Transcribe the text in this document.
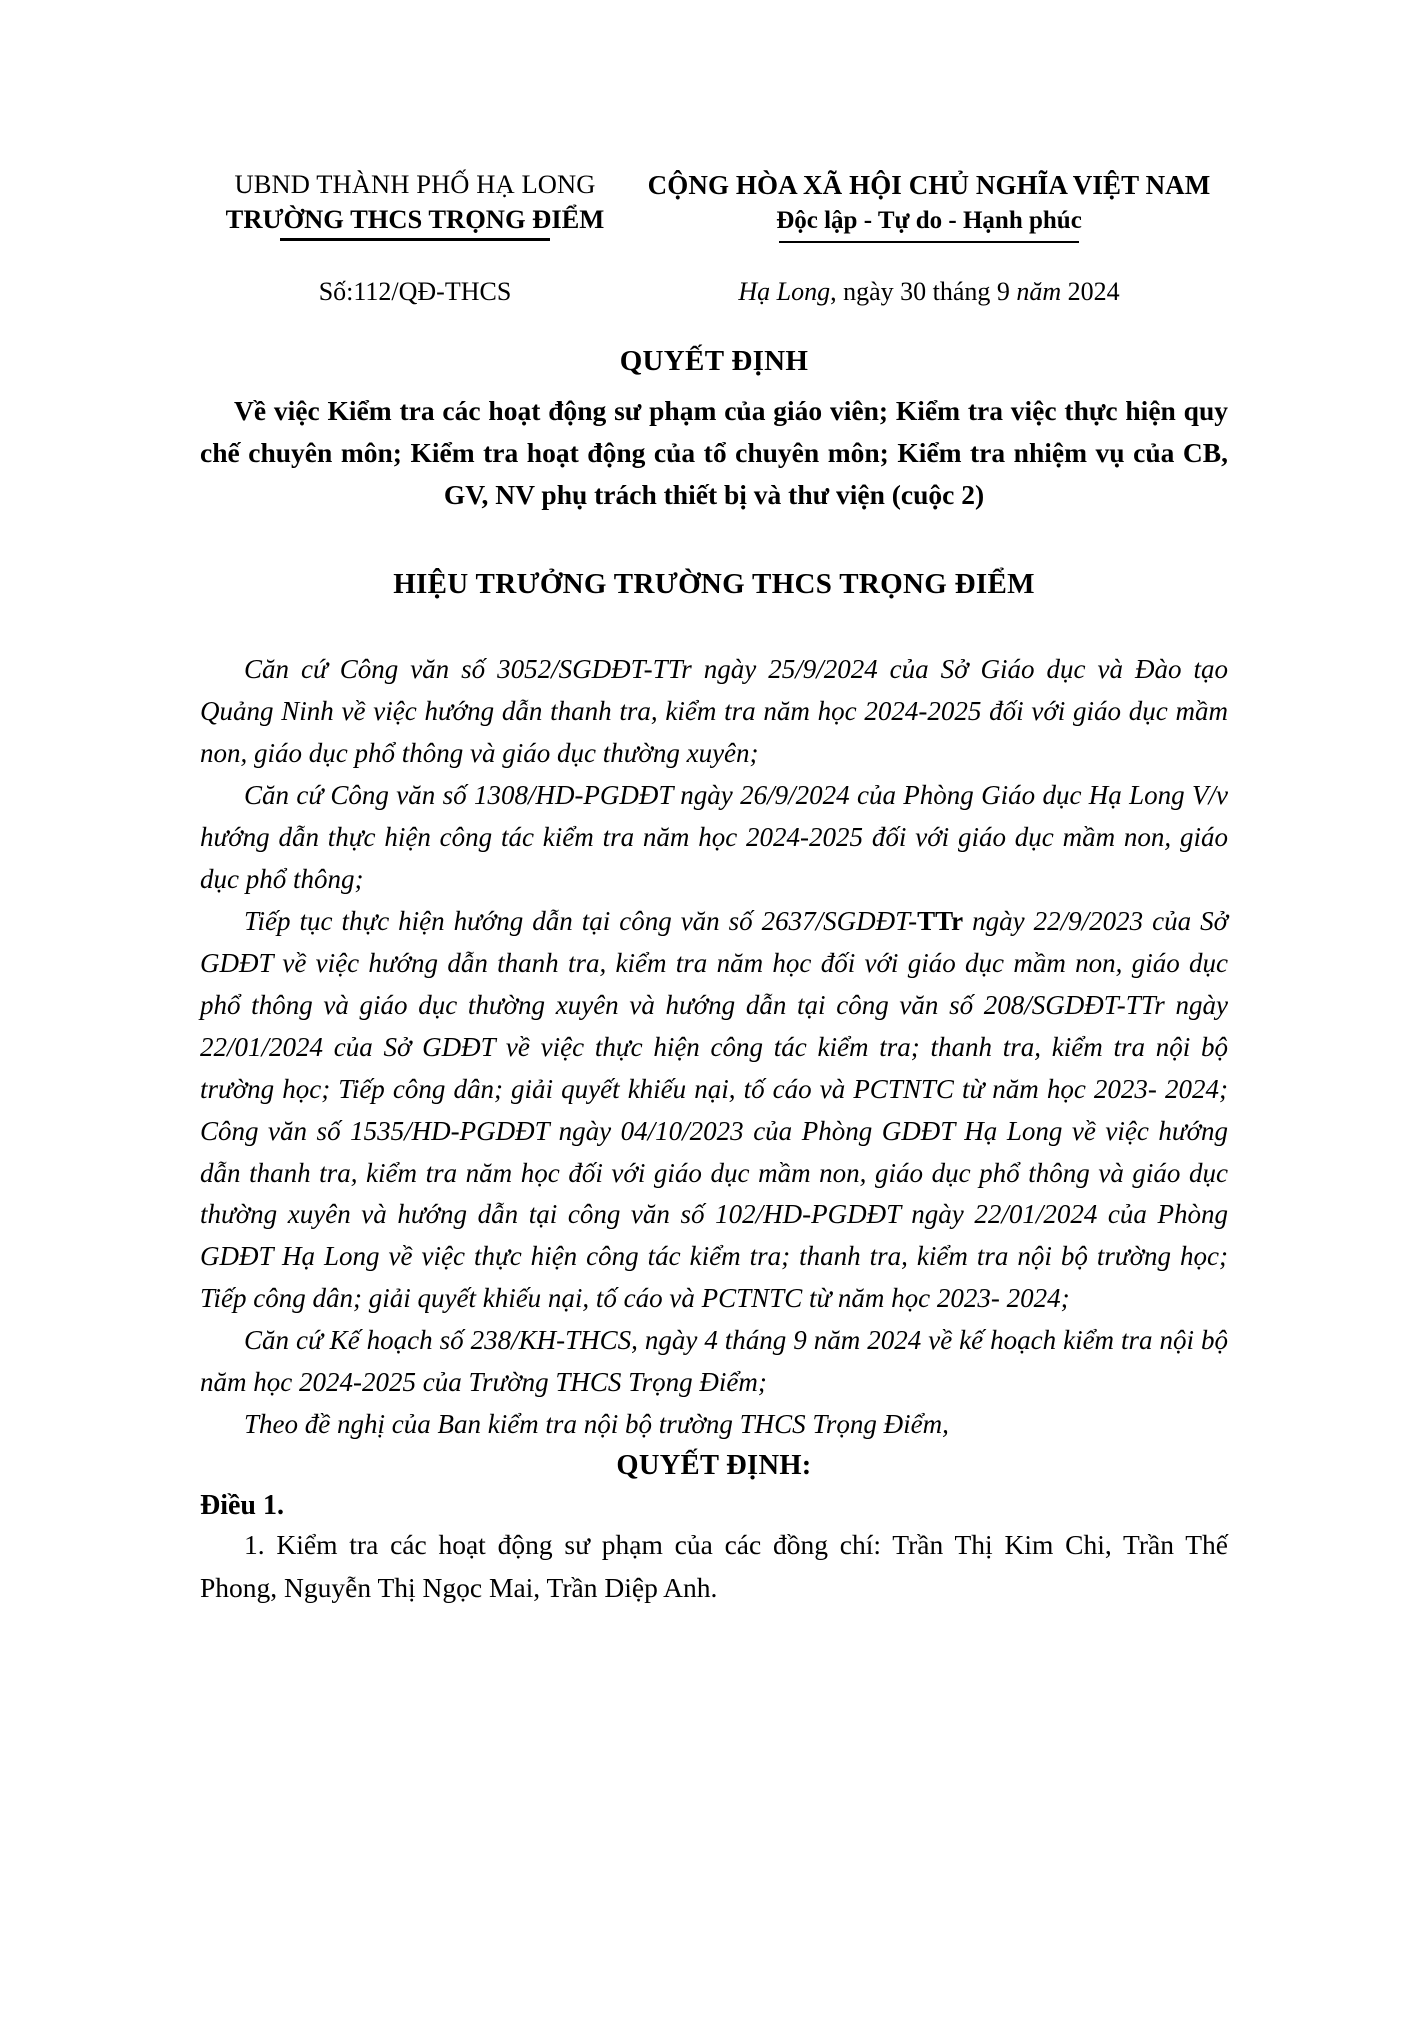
UBND THÀNH PHỐ HẠ LONG
TRƯỜNG THCS TRỌNG ĐIỂM
CỘNG HÒA XÃ HỘI CHỦ NGHĨA VIỆT NAM
Độc lập - Tự do - Hạnh phúc
Số:112/QĐ-THCS	Hạ Long, ngày 30 tháng 9 năm 2024
QUYẾT ĐỊNH
Về việc Kiểm tra các hoạt động sư phạm của giáo viên; Kiểm tra việc thực hiện quy chế chuyên môn; Kiểm tra hoạt động của tổ chuyên môn; Kiểm tra nhiệm vụ của CB, GV, NV phụ trách thiết bị và thư viện (cuộc 2)
HIỆU TRƯỞNG TRƯỜNG THCS TRỌNG ĐIỂM
Căn cứ Công văn số 3052/SGDĐT-TTr ngày 25/9/2024 của Sở Giáo dục và Đào tạo Quảng Ninh về việc hướng dẫn thanh tra, kiểm tra năm học 2024-2025 đối với giáo dục mầm non, giáo dục phổ thông và giáo dục thường xuyên;
Căn cứ Công văn số 1308/HD-PGDĐT ngày 26/9/2024 của Phòng Giáo dục Hạ Long V/v hướng dẫn thực hiện công tác kiểm tra năm học 2024-2025 đối với giáo dục mầm non, giáo dục phổ thông;
Tiếp tục thực hiện hướng dẫn tại công văn số 2637/SGDĐT-TTr ngày 22/9/2023 của Sở GDĐT về việc hướng dẫn thanh tra, kiểm tra năm học đối với giáo dục mầm non, giáo dục phổ thông và giáo dục thường xuyên và hướng dẫn tại công văn số 208/SGDĐT-TTr ngày 22/01/2024 của Sở GDĐT về việc thực hiện công tác kiểm tra; thanh tra, kiểm tra nội bộ trường học; Tiếp công dân; giải quyết khiếu nại, tố cáo và PCTNTC từ năm học 2023- 2024; Công văn số 1535/HD-PGDĐT ngày 04/10/2023 của Phòng GDĐT Hạ Long về việc hướng dẫn thanh tra, kiểm tra năm học đối với giáo dục mầm non, giáo dục phổ thông và giáo dục thường xuyên và hướng dẫn tại công văn số 102/HD-PGDĐT ngày 22/01/2024 của Phòng GDĐT Hạ Long về việc thực hiện công tác kiểm tra; thanh tra, kiểm tra nội bộ trường học; Tiếp công dân; giải quyết khiếu nại, tố cáo và PCTNTC từ năm học 2023- 2024;
Căn cứ Kế hoạch số 238/KH-THCS, ngày 4 tháng 9 năm 2024 về kế hoạch kiểm tra nội bộ năm học 2024-2025 của Trường THCS Trọng Điểm;
Theo đề nghị của Ban kiểm tra nội bộ trường THCS Trọng Điểm,
QUYẾT ĐỊNH:
Điều 1.
1. Kiểm tra các hoạt động sư phạm của các đồng chí: Trần Thị Kim Chi, Trần Thế Phong, Nguyễn Thị Ngọc Mai, Trần Diệp Anh.
